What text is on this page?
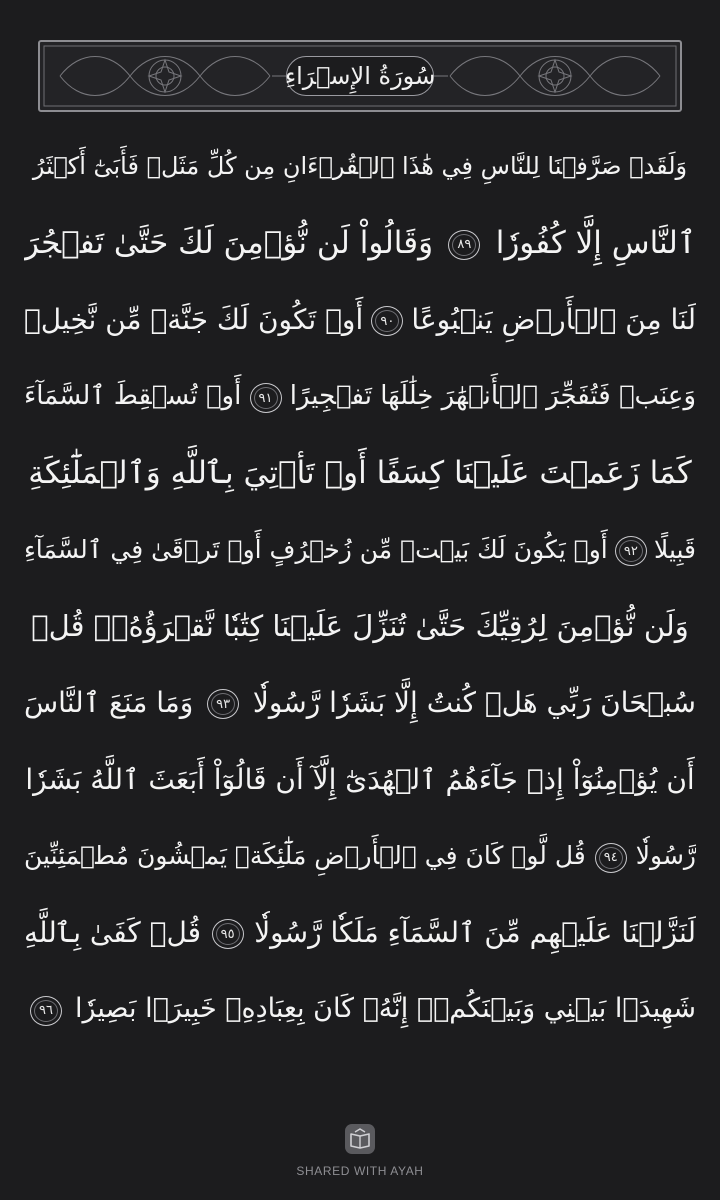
سُورَةُ الإِسۡرَاءِ
وَلَقَدۡ صَرَّفۡنَا لِلنَّاسِ فِي هَٰذَا ٱلۡقُرۡءَانِ مِن كُلِّ مَثَلٖ فَأَبَىٰٓ أَكۡثَرُ
ٱلنَّاسِ إِلَّا كُفُورٗا
٨٩
وَقَالُواْ لَن نُّؤۡمِنَ لَكَ حَتَّىٰ تَفۡجُرَ
لَنَا مِنَ ٱلۡأَرۡضِ يَنۢبُوعًا
٩٠
أَوۡ تَكُونَ لَكَ جَنَّةٞ مِّن نَّخِيلٖ
وَعِنَبٖ فَتُفَجِّرَ ٱلۡأَنۡهَٰرَ خِلَٰلَهَا تَفۡجِيرًا
٩١
أَوۡ تُسۡقِطَ ٱلسَّمَآءَ
كَمَا زَعَمۡتَ عَلَيۡنَا كِسَفًا أَوۡ تَأۡتِيَ بِٱللَّهِ وَٱلۡمَلَٰٓئِكَةِ
قَبِيلًا
٩٢
أَوۡ يَكُونَ لَكَ بَيۡتٞ مِّن زُخۡرُفٍ أَوۡ تَرۡقَىٰ فِي ٱلسَّمَآءِ
وَلَن نُّؤۡمِنَ لِرُقِيِّكَ حَتَّىٰ تُنَزِّلَ عَلَيۡنَا كِتَٰبٗا نَّقۡرَؤُهُۥۗ قُلۡ
سُبۡحَانَ رَبِّي هَلۡ كُنتُ إِلَّا بَشَرٗا رَّسُولٗا
٩٣
وَمَا مَنَعَ ٱلنَّاسَ
أَن يُؤۡمِنُوٓاْ إِذۡ جَآءَهُمُ ٱلۡهُدَىٰٓ إِلَّآ أَن قَالُوٓاْ أَبَعَثَ ٱللَّهُ بَشَرٗا
رَّسُولٗا
٩٤
قُل لَّوۡ كَانَ فِي ٱلۡأَرۡضِ مَلَٰٓئِكَةٞ يَمۡشُونَ مُطۡمَئِنِّينَ
لَنَزَّلۡنَا عَلَيۡهِم مِّنَ ٱلسَّمَآءِ مَلَكٗا رَّسُولٗا
٩٥
قُلۡ كَفَىٰ بِٱللَّهِ
شَهِيدَۢا بَيۡنِي وَبَيۡنَكُمۡۚ إِنَّهُۥ كَانَ بِعِبَادِهِۦ خَبِيرَۢا بَصِيرٗا
٩٦
SHARED WITH AYAH
